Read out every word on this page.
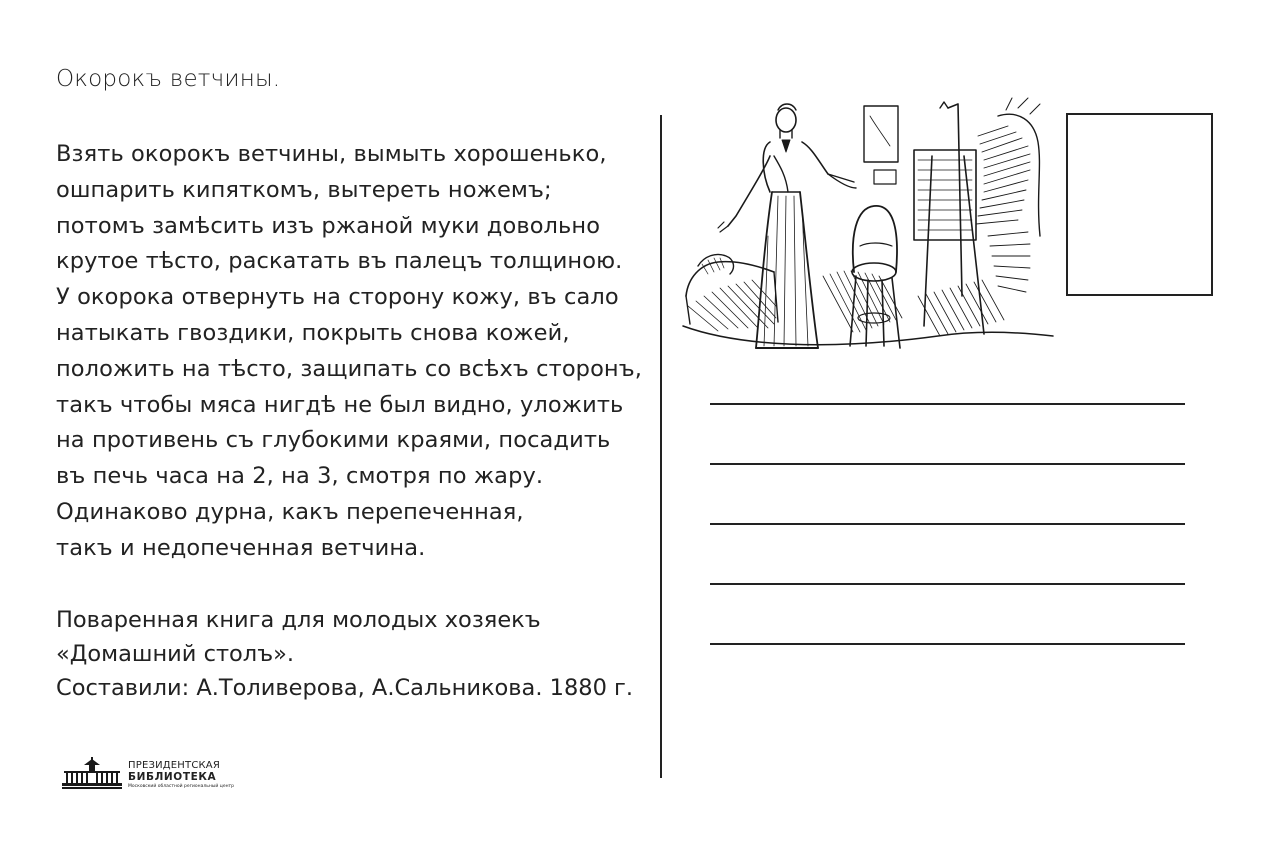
Окорокъ ветчины.
Взять окорокъ ветчины, вымыть хорошенько,
ошпарить кипяткомъ, вытереть ножемъ;
потомъ замѣсить изъ ржаной муки довольно
крутое тѣсто, раскатать въ палецъ толщиною.
У окорока отвернуть на сторону кожу, въ сало
натыкать гвоздики, покрыть снова кожей,
положить на тѣсто, защипать со всѣхъ сторонъ,
такъ чтобы мяса нигдѣ не был видно, уложить
на противень съ глубокими краями, посадить
въ печь часа на 2, на 3, смотря по жару.
Одинаково дурна, какъ перепеченная,
такъ и недопеченная ветчина.
Поваренная книга для молодых хозяекъ
«Домашний столъ».
Составили: А.Толиверова, А.Сальникова. 1880 г.
ПРЕЗИДЕНТСКАЯ
БИБЛИОТЕКА
Московский областной региональный центр
